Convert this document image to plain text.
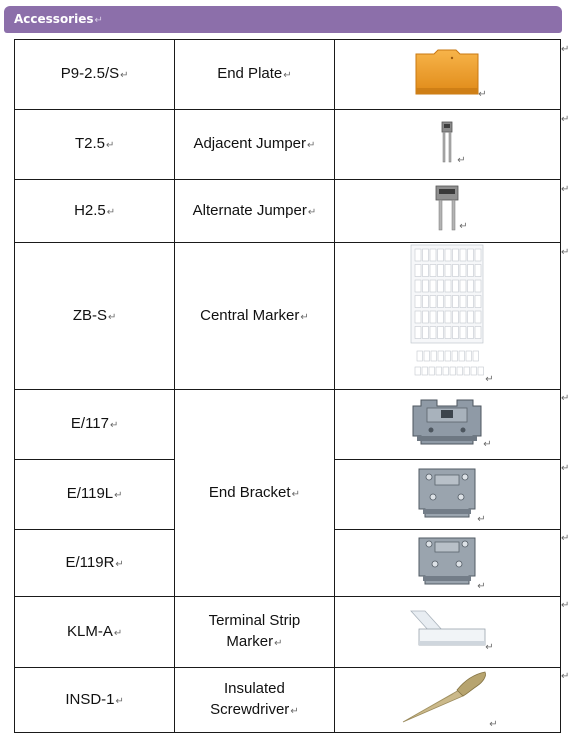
Accessories↵
P9-2.5/S↵	End Plate↵	↵

T2.5↵	Adjacent Jumper↵	↵

H2.5↵	Alternate Jumper↵	↵

ZB-S↵	Central Marker↵	↵

E/117↵	End Bracket↵	↵

E/119L↵		↵

E/119R↵		↵

KLM-A↵	Terminal Strip
Marker↵	↵

INSD-1↵	Insulated
Screwdriver↵	↵
↵
↵
↵
↵
↵
↵
↵
↵
↵
